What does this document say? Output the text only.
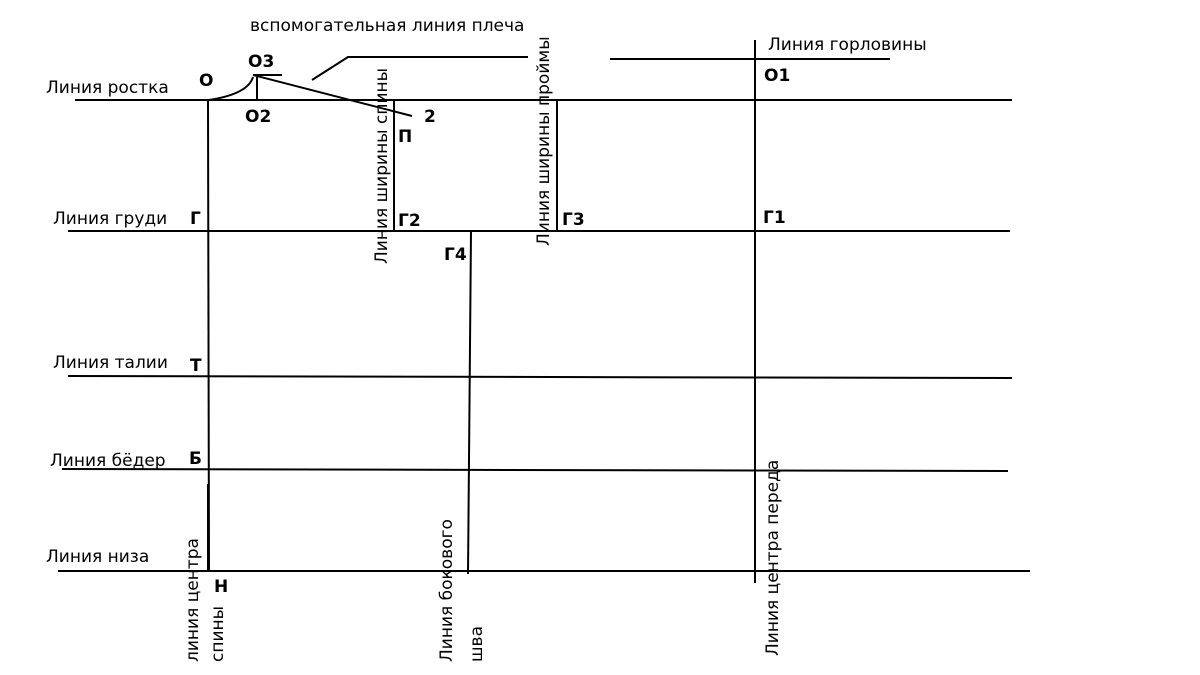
вспомогательная линия плеча
Линия горловины
Линия ростка
Линия груди
Линия талии
Линия бёдер
Линия низа
Линия ширины спины	Линия ширины проймы
линия центра спины	Линия бокового шва	Линия центра переда
О
О3
О2	2
П
О1
Г	Г2	Г3	Г1
Г4
Т
Б
Н
